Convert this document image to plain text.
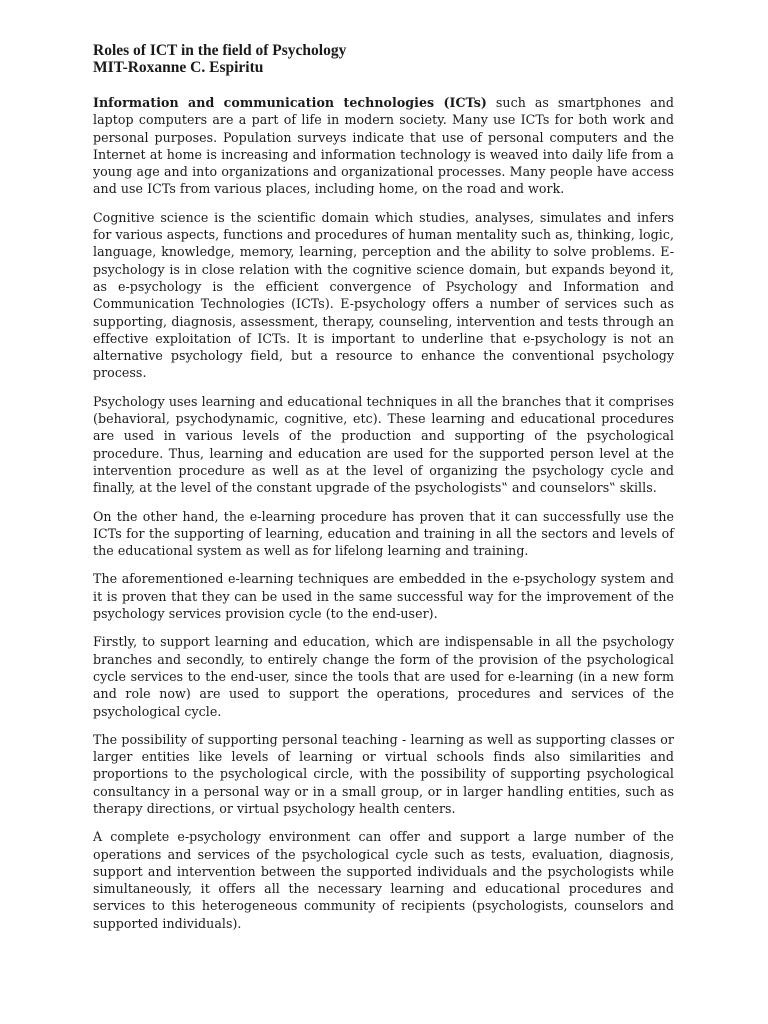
Roles of ICT in the field of Psychology

MIT-Roxanne C. Espiritu

Information and communication technologies (ICTs) such as smartphones and laptop computers are a part of life in modern society. Many use ICTs for both work and personal purposes. Population surveys indicate that use of personal computers and the Internet at home is increasing and information technology is weaved into daily life from a young age and into organizations and organizational processes. Many people have access and use ICTs from various places, including home, on the road and work.

Cognitive science is the scientific domain which studies, analyses, simulates and infers for various aspects, functions and procedures of human mentality such as, thinking, logic, language, knowledge, memory, learning, perception and the ability to solve problems. E-psychology is in close relation with the cognitive science domain, but expands beyond it, as e-psychology is the efficient convergence of Psychology and Information and Communication Technologies (ICTs). E-psychology offers a number of services such as supporting, diagnosis, assessment, therapy, counseling, intervention and tests through an effective exploitation of ICTs. It is important to underline that e-psychology is not an alternative psychology field, but a resource to enhance the conventional psychology process.

Psychology uses learning and educational techniques in all the branches that it comprises (behavioral, psychodynamic, cognitive, etc). These learning and educational procedures are used in various levels of the production and supporting of the psychological procedure. Thus, learning and education are used for the supported person level at the intervention procedure as well as at the level of organizing the psychology cycle and finally, at the level of the constant upgrade of the psychologists‟ and counselors‟ skills.

On the other hand, the e-learning procedure has proven that it can successfully use the ICTs for the supporting of learning, education and training in all the sectors and levels of the educational system as well as for lifelong learning and training.

The aforementioned e-learning techniques are embedded in the e-psychology system and it is proven that they can be used in the same successful way for the improvement of the psychology services provision cycle (to the end-user).

Firstly, to support learning and education, which are indispensable in all the psychology branches and secondly, to entirely change the form of the provision of the psychological cycle services to the end-user, since the tools that are used for e-learning (in a new form and role now) are used to support the operations, procedures and services of the psychological cycle.

The possibility of supporting personal teaching - learning as well as supporting classes or larger entities like levels of learning or virtual schools finds also similarities and proportions to the psychological circle, with the possibility of supporting psychological consultancy in a personal way or in a small group, or in larger handling entities, such as therapy directions, or virtual psychology health centers.

A complete e-psychology environment can offer and support a large number of the operations and services of the psychological cycle such as tests, evaluation, diagnosis, support and intervention between the supported individuals and the psychologists while simultaneously, it offers all the necessary learning and educational procedures and services to this heterogeneous community of recipients (psychologists, counselors and supported individuals).
